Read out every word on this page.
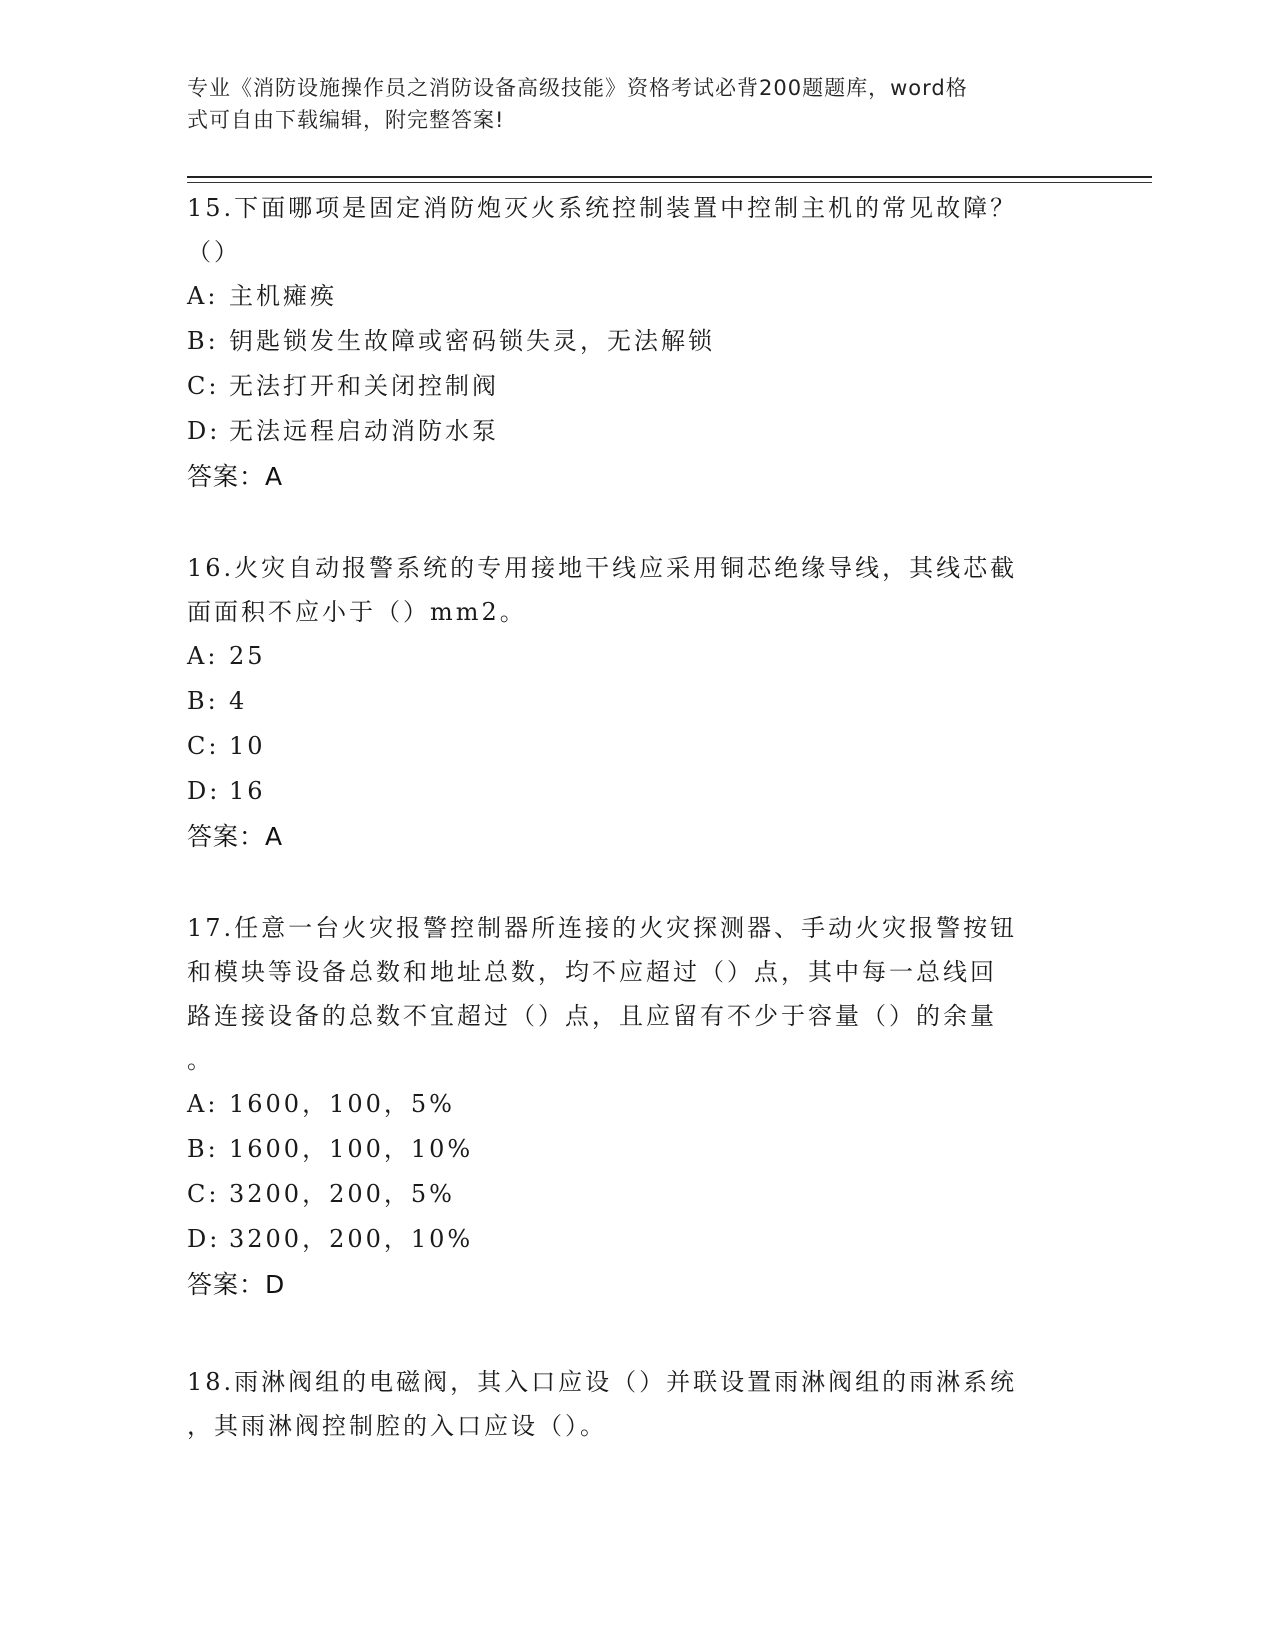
专业《消防设施操作员之消防设备高级技能》资格考试必背200题题库，word格
式可自由下载编辑，附完整答案!

15.下面哪项是固定消防炮灭火系统控制装置中控制主机的常见故障？

（）

A: 主机瘫痪

B: 钥匙锁发生故障或密码锁失灵，无法解锁

C: 无法打开和关闭控制阀

D: 无法远程启动消防水泵

答案：A

16.火灾自动报警系统的专用接地干线应采用铜芯绝缘导线，其线芯截

面面积不应小于（）mm2。

A: 25

B: 4

C: 10

D: 16

答案：A

17.任意一台火灾报警控制器所连接的火灾探测器、手动火灾报警按钮

和模块等设备总数和地址总数，均不应超过（）点，其中每一总线回

路连接设备的总数不宜超过（）点，且应留有不少于容量（）的余量

。

A: 1600，100，5%

B: 1600，100，10%

C: 3200，200，5%

D: 3200，200，10%

答案：D

18.雨淋阀组的电磁阀，其入口应设（）并联设置雨淋阀组的雨淋系统

，其雨淋阀控制腔的入口应设（）。
